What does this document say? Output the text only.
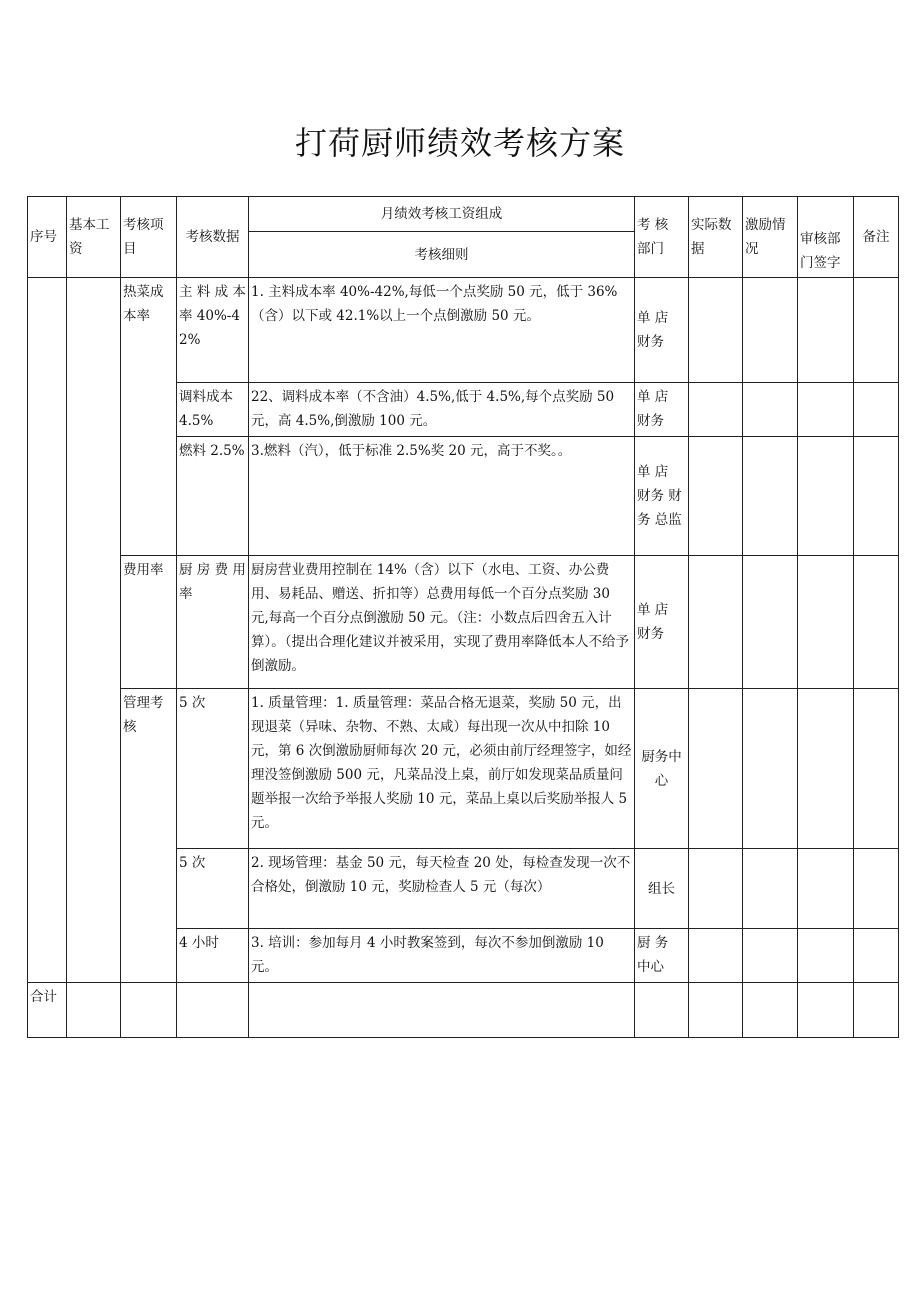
打荷厨师绩效考核方案
序号	基本工资	考核项目	考核数据	月绩效考核工资组成	考 核 部门	实际数据	激励情况	审核部门签字	备注
				考核细则					
		热菜成本率	主 料 成 本 率 40%-42%	1. 主料成本率 40%-42%,每低一个点奖励 50 元，低于 36%（含）以下或 42.1%以上一个点倒激励 50 元。	单 店 财务				
			调料成本 4.5%	22、调料成本率（不含油）4.5%,低于 4.5%,每个点奖励 50元，高 4.5%,倒激励 100 元。	单 店 财务				
			燃料 2.5%	3.燃料（汽），低于标准 2.5%奖 20 元，高于不奖。。	单 店 财务 财 务 总监				
		费用率	厨 房 费 用率	厨房营业费用控制在 14%（含）以下（水电、工资、办公费用、易耗品、赠送、折扣等）总费用每低一个百分点奖励 30 元,每高一个百分点倒激励 50 元。（注：小数点后四舍五入计算）。（提出合理化建议并被采用，实现了费用率降低本人不给予倒激励。	单 店 财务				
		管理考核	5 次	1. 质量管理：1. 质量管理：菜品合格无退菜，奖励 50 元，出现退菜（异味、杂物、不熟、太咸）每出现一次从中扣除 10 元，第 6 次倒激励厨师每次 20 元，必须由前厅经理签字，如经理没签倒激励 500 元，凡菜品没上桌，前厅如发现菜品质量问题举报一次给予举报人奖励 10 元，菜品上桌以后奖励举报人 5 元。	厨务中心				
			5 次	2. 现场管理：基金 50 元，每天检查 20 处，每检查发现一次不合格处，倒激励 10 元，奖励检查人 5 元（每次）	组长				
			4 小时	3. 培训：参加每月 4 小时教案签到，每次不参加倒激励 10 元。	厨 务 中心				
合计									
